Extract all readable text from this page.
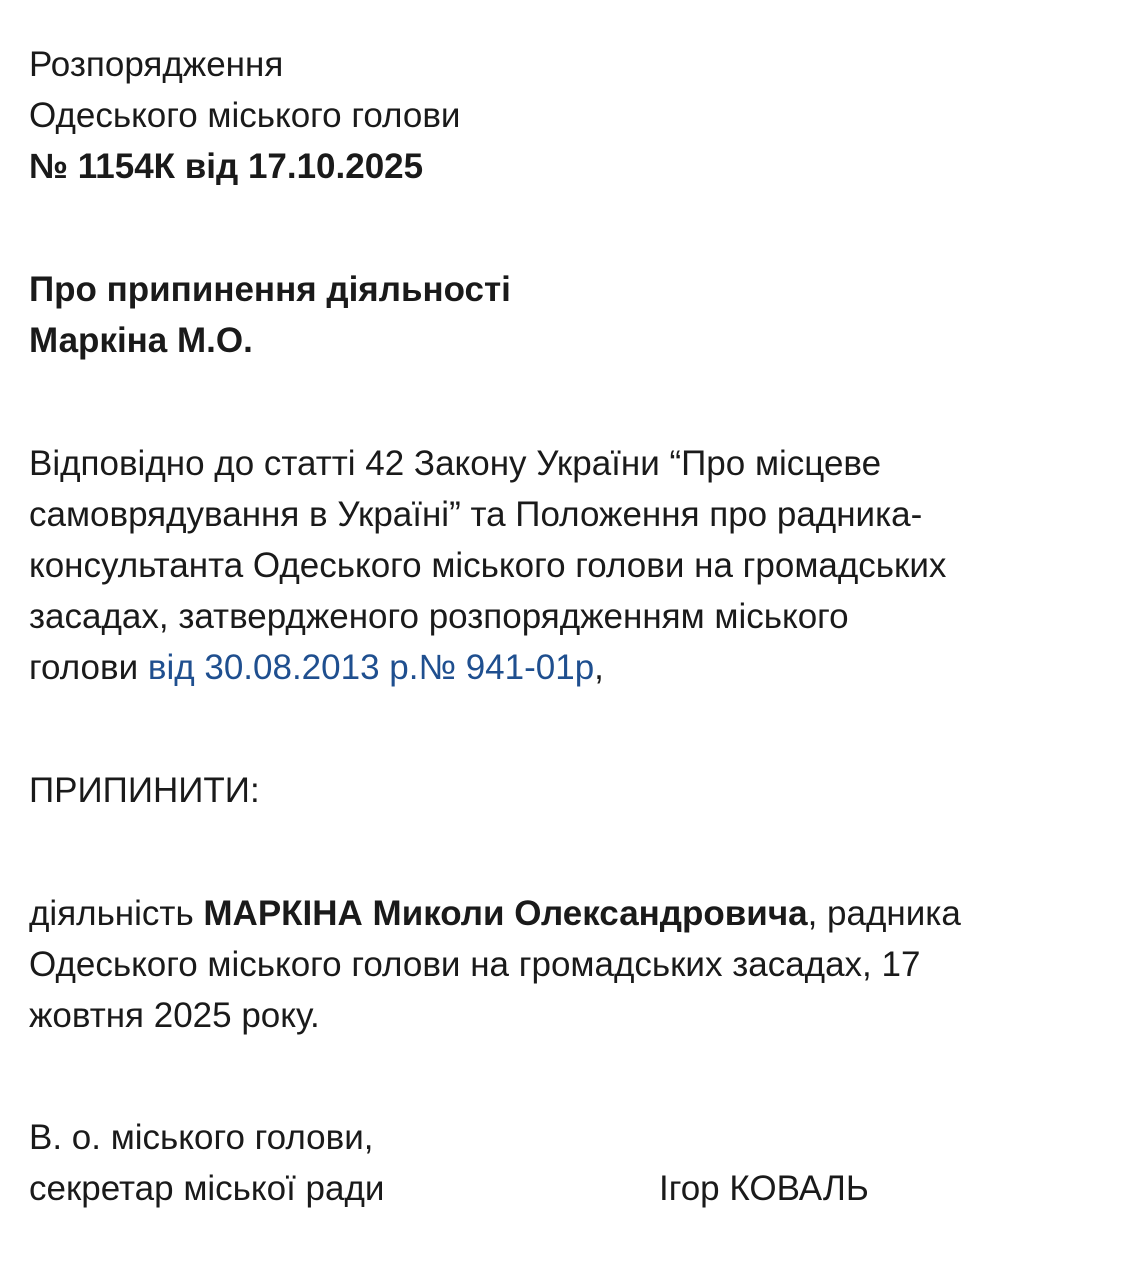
Розпорядження
Одеського міського голови
№ 1154К від 17.10.2025
Про припинення діяльності
Маркіна М.О.
Відповідно до статті 42 Закону України “Про місцеве
самоврядування в Україні” та Положення про радника-
консультанта Одеського міського голови на громадських
засадах, затвердженого розпорядженням міського
голови від 30.08.2013 р.№ 941-01р,
ПРИПИНИТИ:
діяльність МАРКІНА Миколи Олександровича, радника
Одеського міського голови на громадських засадах, 17
жовтня 2025 року.
В. о. міського голови,
секретар міської ради	Ігор КОВАЛЬ
